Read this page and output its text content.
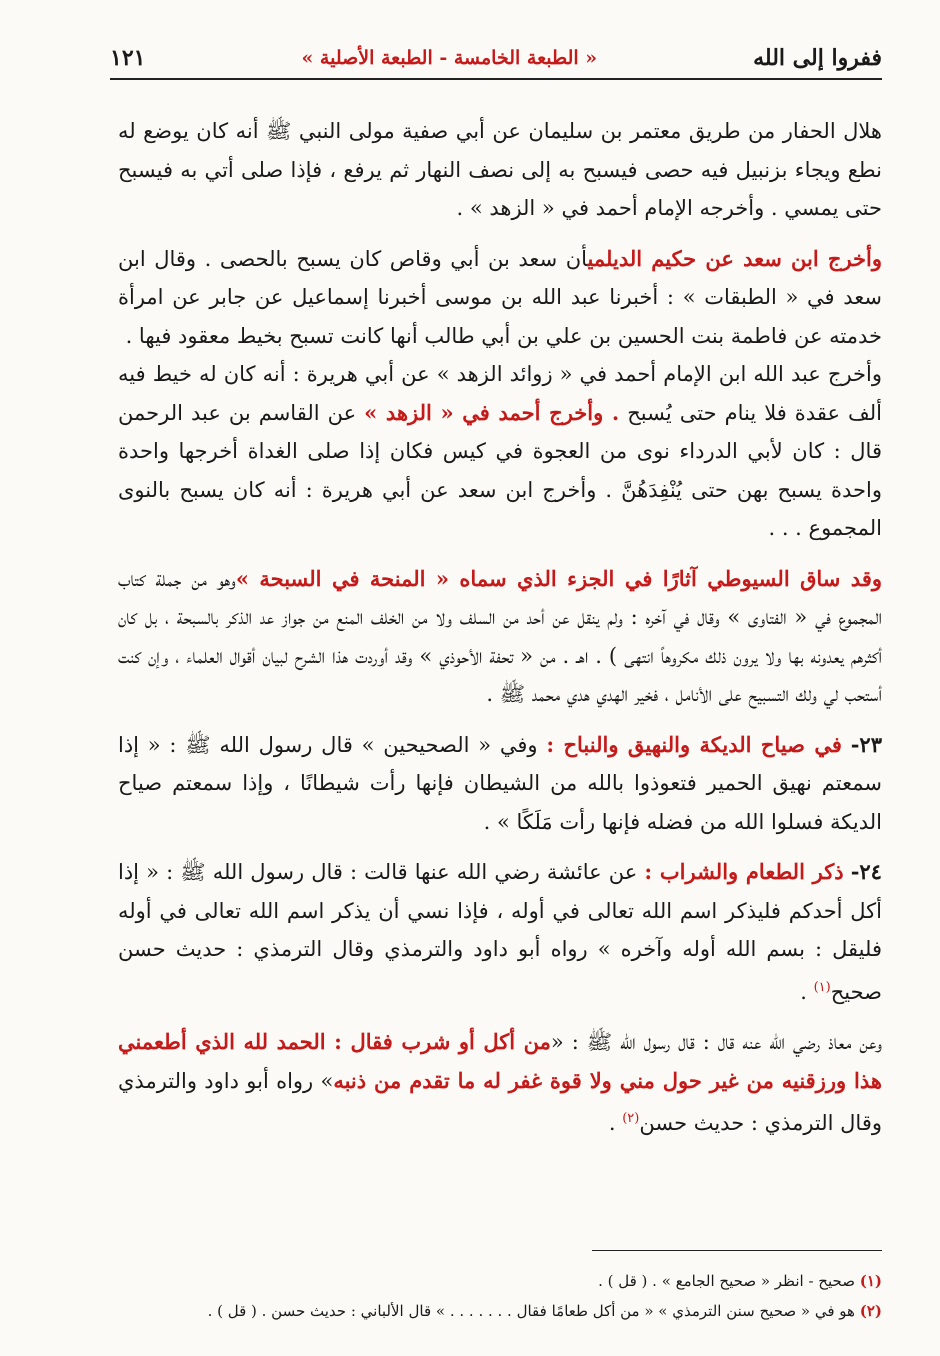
ففروا إلى الله
« الطبعة الخامسة - الطبعة الأصلية »
١٢١

هلال الحفار من طريق معتمر بن سليمان عن أبي صفية مولى النبي ﷺ أنه كان يوضع له نطع ويجاء بزنبيل فيه حصى فيسبح به إلى نصف النهار ثم يرفع ، فإذا صلى أتي به فيسبح حتى يمسي . وأخرجه الإمام أحمد في « الزهد » .

وأخرج ابن سعد عن حكيم الديلميأن سعد بن أبي وقاص كان يسبح بالحصى . وقال ابن سعد في « الطبقات » : أخبرنا عبد الله بن موسى أخبرنا إسماعيل عن جابر عن امرأة خدمته عن فاطمة بنت الحسين بن علي بن أبي طالب أنها كانت تسبح بخيط معقود فيها .

وأخرج عبد الله ابن الإمام أحمد في « زوائد الزهد » عن أبي هريرة : أنه كان له خيط فيه ألف عقدة فلا ينام حتى يُسبح . وأخرج أحمد في « الزهد » عن القاسم بن عبد الرحمن قال : كان لأبي الدرداء نوى من العجوة في كيس فكان إذا صلى الغداة أخرجها واحدة واحدة يسبح بهن حتى يُنْفِدَهُنَّ . وأخرج ابن سعد عن أبي هريرة : أنه كان يسبح بالنوى المجموع . . .

وقد ساق السيوطي آثارًا في الجزء الذي سماه « المنحة في السبحة »وهو من جملة كتاب المجموع في « الفتاوى » وقال في آخره : ولم ينقل عن أحد من السلف ولا من الخلف المنع من جواز عد الذكر بالسبحة ، بل كان أكثرهم يعدونه بها ولا يرون ذلك مكروهاً انتهى ) . اهـ . من « تحفة الأحوذي » وقد أوردت هذا الشرح لبيان أقوال العلماء ، وإن كنت أستحب لي ولك التسبيح على الأنامل ، فخير الهدي هدي محمد ﷺ .

٢٣- في صياح الديكة والنهيق والنباح : وفي « الصحيحين » قال رسول الله ﷺ : « إذا سمعتم نهيق الحمير فتعوذوا بالله من الشيطان فإنها رأت شيطانًا ، وإذا سمعتم صياح الديكة فسلوا الله من فضله فإنها رأت مَلَكًا » .

٢٤- ذكر الطعام والشراب : عن عائشة رضي الله عنها قالت : قال رسول الله ﷺ : « إذا أكل أحدكم فليذكر اسم الله تعالى في أوله ، فإذا نسي أن يذكر اسم الله تعالى في أوله فليقل : بسم الله أوله وآخره » رواه أبو داود والترمذي وقال الترمذي : حديث حسن صحيح$^{(١)}$ .

وعن معاذ رضي الله عنه قال : قال رسول الله ﷺ : «من أكل أو شرب فقال : الحمد لله الذي أطعمني هذا ورزقنيه من غير حول مني ولا قوة غفر له ما تقدم من ذنبه» رواه أبو داود والترمذي وقال الترمذي : حديث حسن$^{(٢)}$ .

(١) صحيح - انظر « صحيح الجامع » . ( قل ) .
(٢) هو في « صحيح سنن الترمذي » « من أكل طعامًا فقال . . . . . . . » قال الألباني : حديث حسن . ( قل ) .
